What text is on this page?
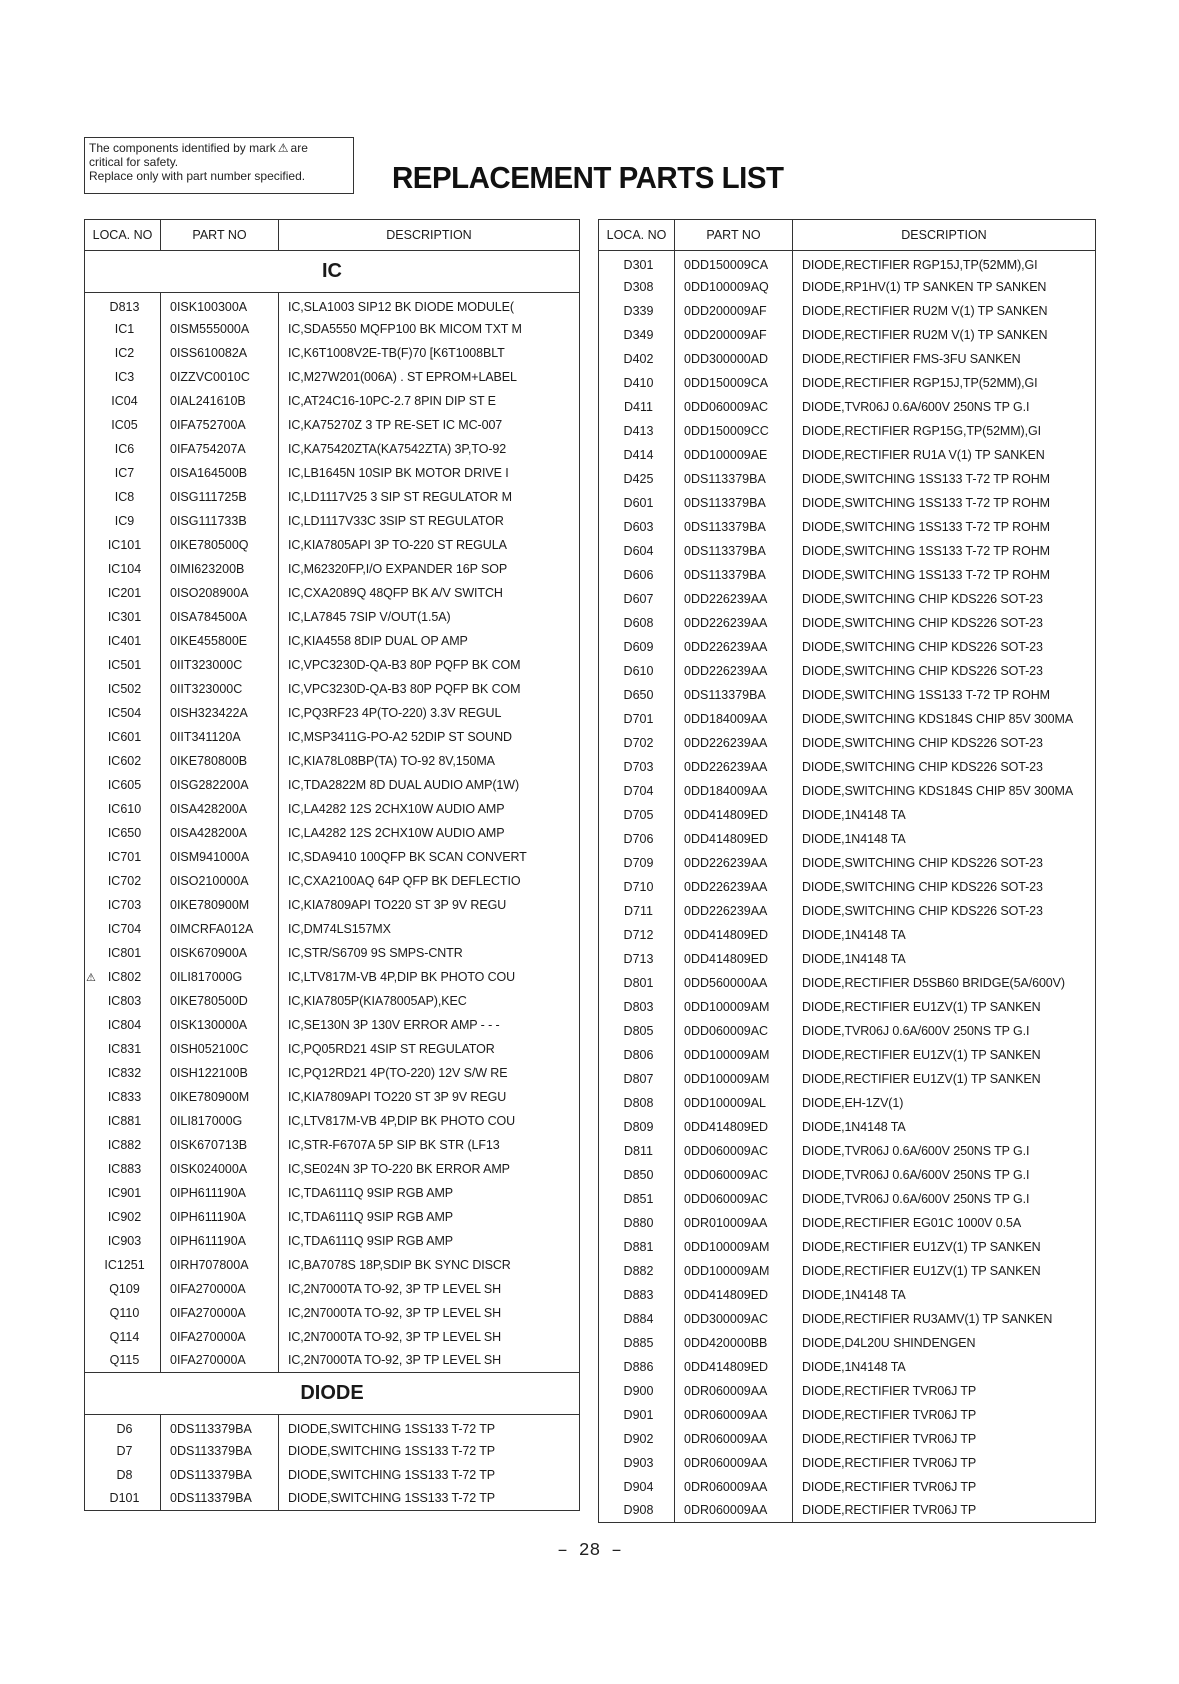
The components identified by mark ⚠ are
critical for safety.
Replace only with part number specified.	REPLACEMENT PARTS LIST
LOCA. NO	PART NO	DESCRIPTION
IC		
D813	0ISK100300A	IC,SLA1003 SIP12 BK DIODE MODULE(
IC1	0ISM555000A	IC,SDA5550 MQFP100 BK MICOM TXT M
IC2	0ISS610082A	IC,K6T1008V2E-TB(F)70 [K6T1008BLT
IC3	0IZZVC0010C	IC,M27W201(006A) . ST EPROM+LABEL
IC04	0IAL241610B	IC,AT24C16-10PC-2.7 8PIN DIP ST E
IC05	0IFA752700A	IC,KA75270Z 3 TP RE-SET IC MC-007
IC6	0IFA754207A	IC,KA75420ZTA(KA7542ZTA) 3P,TO-92
IC7	0ISA164500B	IC,LB1645N 10SIP BK MOTOR DRIVE I
IC8	0ISG111725B	IC,LD1117V25 3 SIP ST REGULATOR M
IC9	0ISG111733B	IC,LD1117V33C 3SIP ST REGULATOR
IC101	0IKE780500Q	IC,KIA7805API 3P TO-220 ST REGULA
IC104	0IMI623200B	IC,M62320FP,I/O EXPANDER 16P SOP
IC201	0ISO208900A	IC,CXA2089Q 48QFP BK A/V SWITCH
IC301	0ISA784500A	IC,LA7845 7SIP V/OUT(1.5A)
IC401	0IKE455800E	IC,KIA4558 8DIP DUAL OP AMP
IC501	0IIT323000C	IC,VPC3230D-QA-B3 80P PQFP BK COM
IC502	0IIT323000C	IC,VPC3230D-QA-B3 80P PQFP BK COM
IC504	0ISH323422A	IC,PQ3RF23 4P(TO-220) 3.3V REGUL
IC601	0IIT341120A	IC,MSP3411G-PO-A2 52DIP ST SOUND
IC602	0IKE780800B	IC,KIA78L08BP(TA) TO-92 8V,150MA
IC605	0ISG282200A	IC,TDA2822M 8D DUAL AUDIO AMP(1W)
IC610	0ISA428200A	IC,LA4282 12S 2CHX10W AUDIO AMP
IC650	0ISA428200A	IC,LA4282 12S 2CHX10W AUDIO AMP
IC701	0ISM941000A	IC,SDA9410 100QFP BK SCAN CONVERT
IC702	0ISO210000A	IC,CXA2100AQ 64P QFP BK DEFLECTIO
IC703	0IKE780900M	IC,KIA7809API TO220 ST 3P 9V REGU
IC704	0IMCRFA012A	IC,DM74LS157MX
IC801	0ISK670900A	IC,STR/S6709 9S SMPS-CNTR

⚠ IC802	0ILI817000G	IC,LTV817M-VB 4P,DIP BK PHOTO COU
IC803	0IKE780500D	IC,KIA7805P(KIA78005AP),KEC
IC804	0ISK130000A	IC,SE130N 3P 130V ERROR AMP - - -
IC831	0ISH052100C	IC,PQ05RD21 4SIP ST REGULATOR
IC832	0ISH122100B	IC,PQ12RD21 4P(TO-220) 12V S/W RE
IC833	0IKE780900M	IC,KIA7809API TO220 ST 3P 9V REGU
IC881	0ILI817000G	IC,LTV817M-VB 4P,DIP BK PHOTO COU
IC882	0ISK670713B	IC,STR-F6707A 5P SIP BK STR (LF13
IC883	0ISK024000A	IC,SE024N 3P TO-220 BK ERROR AMP
IC901	0IPH611190A	IC,TDA6111Q 9SIP RGB AMP
IC902	0IPH611190A	IC,TDA6111Q 9SIP RGB AMP
IC903	0IPH611190A	IC,TDA6111Q 9SIP RGB AMP
IC1251	0IRH707800A	IC,BA7078S 18P,SDIP BK SYNC DISCR
Q109	0IFA270000A	IC,2N7000TA TO-92, 3P TP LEVEL SH
Q110	0IFA270000A	IC,2N7000TA TO-92, 3P TP LEVEL SH
Q114	0IFA270000A	IC,2N7000TA TO-92, 3P TP LEVEL SH
Q115	0IFA270000A	IC,2N7000TA TO-92, 3P TP LEVEL SH
DIODE		
D6	0DS113379BA	DIODE,SWITCHING 1SS133 T-72 TP
D7	0DS113379BA	DIODE,SWITCHING 1SS133 T-72 TP
D8	0DS113379BA	DIODE,SWITCHING 1SS133 T-72 TP
D101	0DS113379BA	DIODE,SWITCHING 1SS133 T-72 TP
LOCA. NO	PART NO	DESCRIPTION
D301	0DD150009CA	DIODE,RECTIFIER RGP15J,TP(52MM),GI
D308	0DD100009AQ	DIODE,RP1HV(1) TP SANKEN TP SANKEN
D339	0DD200009AF	DIODE,RECTIFIER RU2M V(1) TP SANKEN
D349	0DD200009AF	DIODE,RECTIFIER RU2M V(1) TP SANKEN
D402	0DD300000AD	DIODE,RECTIFIER FMS-3FU SANKEN
D410	0DD150009CA	DIODE,RECTIFIER RGP15J,TP(52MM),GI
D411	0DD060009AC	DIODE,TVR06J 0.6A/600V 250NS TP G.I
D413	0DD150009CC	DIODE,RECTIFIER RGP15G,TP(52MM),GI
D414	0DD100009AE	DIODE,RECTIFIER RU1A V(1) TP SANKEN
D425	0DS113379BA	DIODE,SWITCHING 1SS133 T-72 TP ROHM
D601	0DS113379BA	DIODE,SWITCHING 1SS133 T-72 TP ROHM
D603	0DS113379BA	DIODE,SWITCHING 1SS133 T-72 TP ROHM
D604	0DS113379BA	DIODE,SWITCHING 1SS133 T-72 TP ROHM
D606	0DS113379BA	DIODE,SWITCHING 1SS133 T-72 TP ROHM
D607	0DD226239AA	DIODE,SWITCHING CHIP KDS226 SOT-23
D608	0DD226239AA	DIODE,SWITCHING CHIP KDS226 SOT-23
D609	0DD226239AA	DIODE,SWITCHING CHIP KDS226 SOT-23
D610	0DD226239AA	DIODE,SWITCHING CHIP KDS226 SOT-23
D650	0DS113379BA	DIODE,SWITCHING 1SS133 T-72 TP ROHM
D701	0DD184009AA	DIODE,SWITCHING KDS184S CHIP 85V 300MA
D702	0DD226239AA	DIODE,SWITCHING CHIP KDS226 SOT-23
D703	0DD226239AA	DIODE,SWITCHING CHIP KDS226 SOT-23
D704	0DD184009AA	DIODE,SWITCHING KDS184S CHIP 85V 300MA
D705	0DD414809ED	DIODE,1N4148 TA
D706	0DD414809ED	DIODE,1N4148 TA
D709	0DD226239AA	DIODE,SWITCHING CHIP KDS226 SOT-23
D710	0DD226239AA	DIODE,SWITCHING CHIP KDS226 SOT-23
D711	0DD226239AA	DIODE,SWITCHING CHIP KDS226 SOT-23
D712	0DD414809ED	DIODE,1N4148 TA
D713	0DD414809ED	DIODE,1N4148 TA
D801	0DD560000AA	DIODE,RECTIFIER D5SB60 BRIDGE(5A/600V)
D803	0DD100009AM	DIODE,RECTIFIER EU1ZV(1) TP SANKEN
D805	0DD060009AC	DIODE,TVR06J 0.6A/600V 250NS TP G.I
D806	0DD100009AM	DIODE,RECTIFIER EU1ZV(1) TP SANKEN
D807	0DD100009AM	DIODE,RECTIFIER EU1ZV(1) TP SANKEN
D808	0DD100009AL	DIODE,EH-1ZV(1)
D809	0DD414809ED	DIODE,1N4148 TA
D811	0DD060009AC	DIODE,TVR06J 0.6A/600V 250NS TP G.I
D850	0DD060009AC	DIODE,TVR06J 0.6A/600V 250NS TP G.I
D851	0DD060009AC	DIODE,TVR06J 0.6A/600V 250NS TP G.I
D880	0DR010009AA	DIODE,RECTIFIER EG01C 1000V 0.5A
D881	0DD100009AM	DIODE,RECTIFIER EU1ZV(1) TP SANKEN
D882	0DD100009AM	DIODE,RECTIFIER EU1ZV(1) TP SANKEN
D883	0DD414809ED	DIODE,1N4148 TA
D884	0DD300009AC	DIODE,RECTIFIER RU3AMV(1) TP SANKEN
D885	0DD420000BB	DIODE,D4L20U SHINDENGEN
D886	0DD414809ED	DIODE,1N4148 TA
D900	0DR060009AA	DIODE,RECTIFIER TVR06J TP
D901	0DR060009AA	DIODE,RECTIFIER TVR06J TP
D902	0DR060009AA	DIODE,RECTIFIER TVR06J TP
D903	0DR060009AA	DIODE,RECTIFIER TVR06J TP
D904	0DR060009AA	DIODE,RECTIFIER TVR06J TP
D908	0DR060009AA	DIODE,RECTIFIER TVR06J TP
– 28 –
